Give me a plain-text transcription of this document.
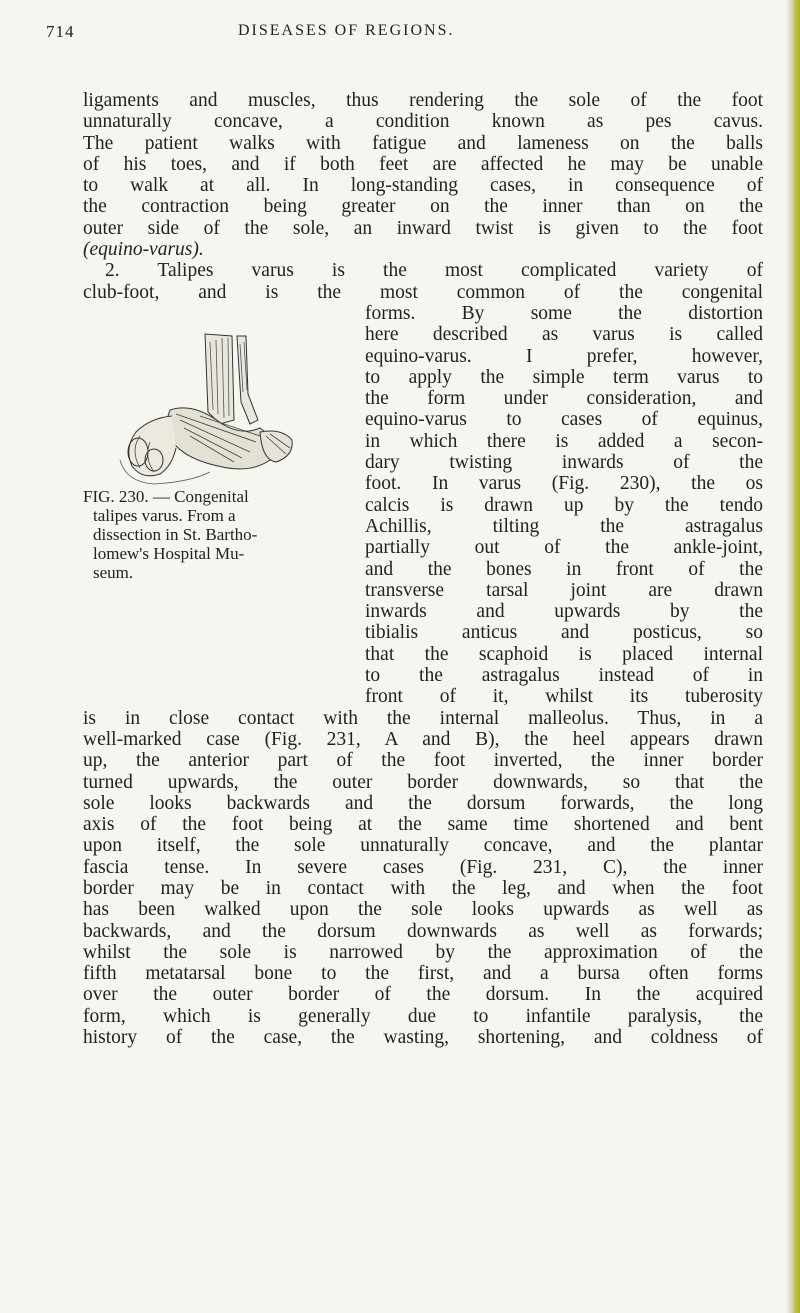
714	DISEASES OF REGIONS.
ligaments and muscles, thus rendering the sole of the foot
unnaturally concave, a condition known as pes cavus.
The patient walks with fatigue and lameness on the balls
of his toes, and if both feet are affected he may be unable
to walk at all. In long-standing cases, in consequence of
the contraction being greater on the inner than on the
outer side of the sole, an inward twist is given to the foot
(equino-varus).
2. Talipes varus is the most complicated variety of
club-foot, and is the most common of the congenital
forms. By some the distortion
here described as varus is called
equino-varus. I prefer, however,
to apply the simple term varus to
the form under consideration, and
equino-varus to cases of equinus,
in which there is added a secon-
dary twisting inwards of the
foot. In varus (Fig. 230), the os
calcis is drawn up by the tendo
Achillis, tilting the astragalus
partially out of the ankle-joint,
and the bones in front of the
transverse tarsal joint are drawn
inwards and upwards by the
tibialis anticus and posticus, so
that the scaphoid is placed internal
to the astragalus instead of in
front of it, whilst its tuberosity
is in close contact with the internal malleolus. Thus, in a
well-marked case (Fig. 231, A and B), the heel appears drawn
up, the anterior part of the foot inverted, the inner border
turned upwards, the outer border downwards, so that the
sole looks backwards and the dorsum forwards, the long
axis of the foot being at the same time shortened and bent
upon itself, the sole unnaturally concave, and the plantar
fascia tense. In severe cases (Fig. 231, C), the inner
border may be in contact with the leg, and when the foot
has been walked upon the sole looks upwards as well as
backwards, and the dorsum downwards as well as forwards;
whilst the sole is narrowed by the approximation of the
fifth metatarsal bone to the first, and a bursa often forms
over the outer border of the dorsum. In the acquired
form, which is generally due to infantile paralysis, the
history of the case, the wasting, shortening, and coldness of
FIG. 230. — Congenital
talipes varus. From a
dissection in St. Bartho-
lomew's Hospital Mu-
seum.
